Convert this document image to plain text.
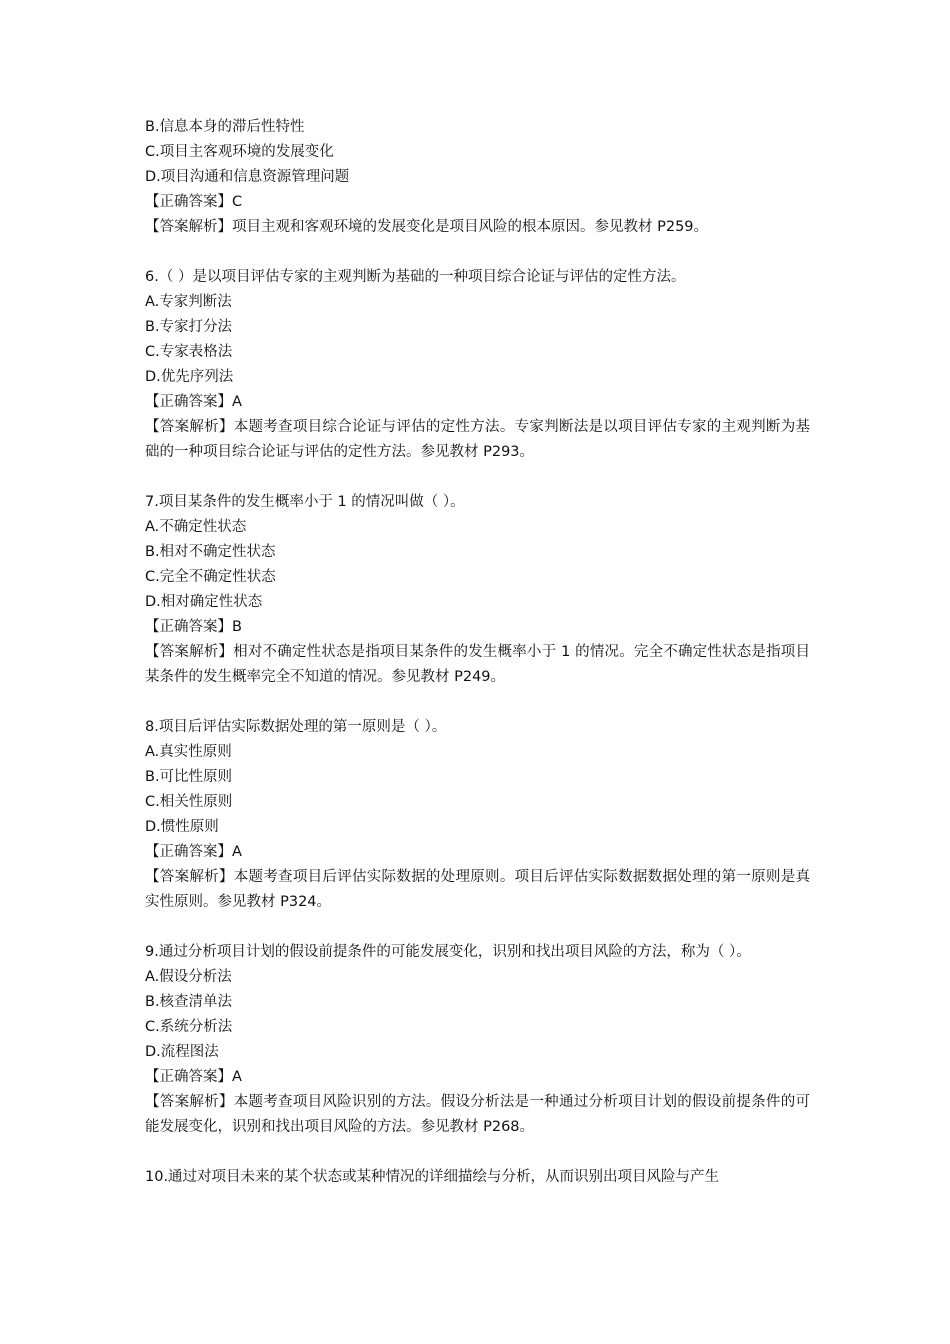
B.信息本身的滞后性特性

C.项目主客观环境的发展变化

D.项目沟通和信息资源管理问题

【正确答案】C

【答案解析】项目主观和客观环境的发展变化是项目风险的根本原因。参见教材 P259。

6.（ ）是以项目评估专家的主观判断为基础的一种项目综合论证与评估的定性方法。

A.专家判断法

B.专家打分法

C.专家表格法

D.优先序列法

【正确答案】A

【答案解析】本题考查项目综合论证与评估的定性方法。专家判断法是以项目评估专家的主观判断为基础的一种项目综合论证与评估的定性方法。参见教材 P293。

7.项目某条件的发生概率小于 1 的情况叫做（ ）。

A.不确定性状态

B.相对不确定性状态

C.完全不确定性状态

D.相对确定性状态

【正确答案】B

【答案解析】相对不确定性状态是指项目某条件的发生概率小于 1 的情况。完全不确定性状态是指项目某条件的发生概率完全不知道的情况。参见教材 P249。

8.项目后评估实际数据处理的第一原则是（ ）。

A.真实性原则

B.可比性原则

C.相关性原则

D.惯性原则

【正确答案】A

【答案解析】本题考查项目后评估实际数据的处理原则。项目后评估实际数据数据处理的第一原则是真实性原则。参见教材 P324。

9.通过分析项目计划的假设前提条件的可能发展变化，识别和找出项目风险的方法，称为（ ）。

A.假设分析法

B.核查清单法

C.系统分析法

D.流程图法

【正确答案】A

【答案解析】本题考查项目风险识别的方法。假设分析法是一种通过分析项目计划的假设前提条件的可能发展变化，识别和找出项目风险的方法。参见教材 P268。

10.通过对项目未来的某个状态或某种情况的详细描绘与分析，从而识别出项目风险与产生
